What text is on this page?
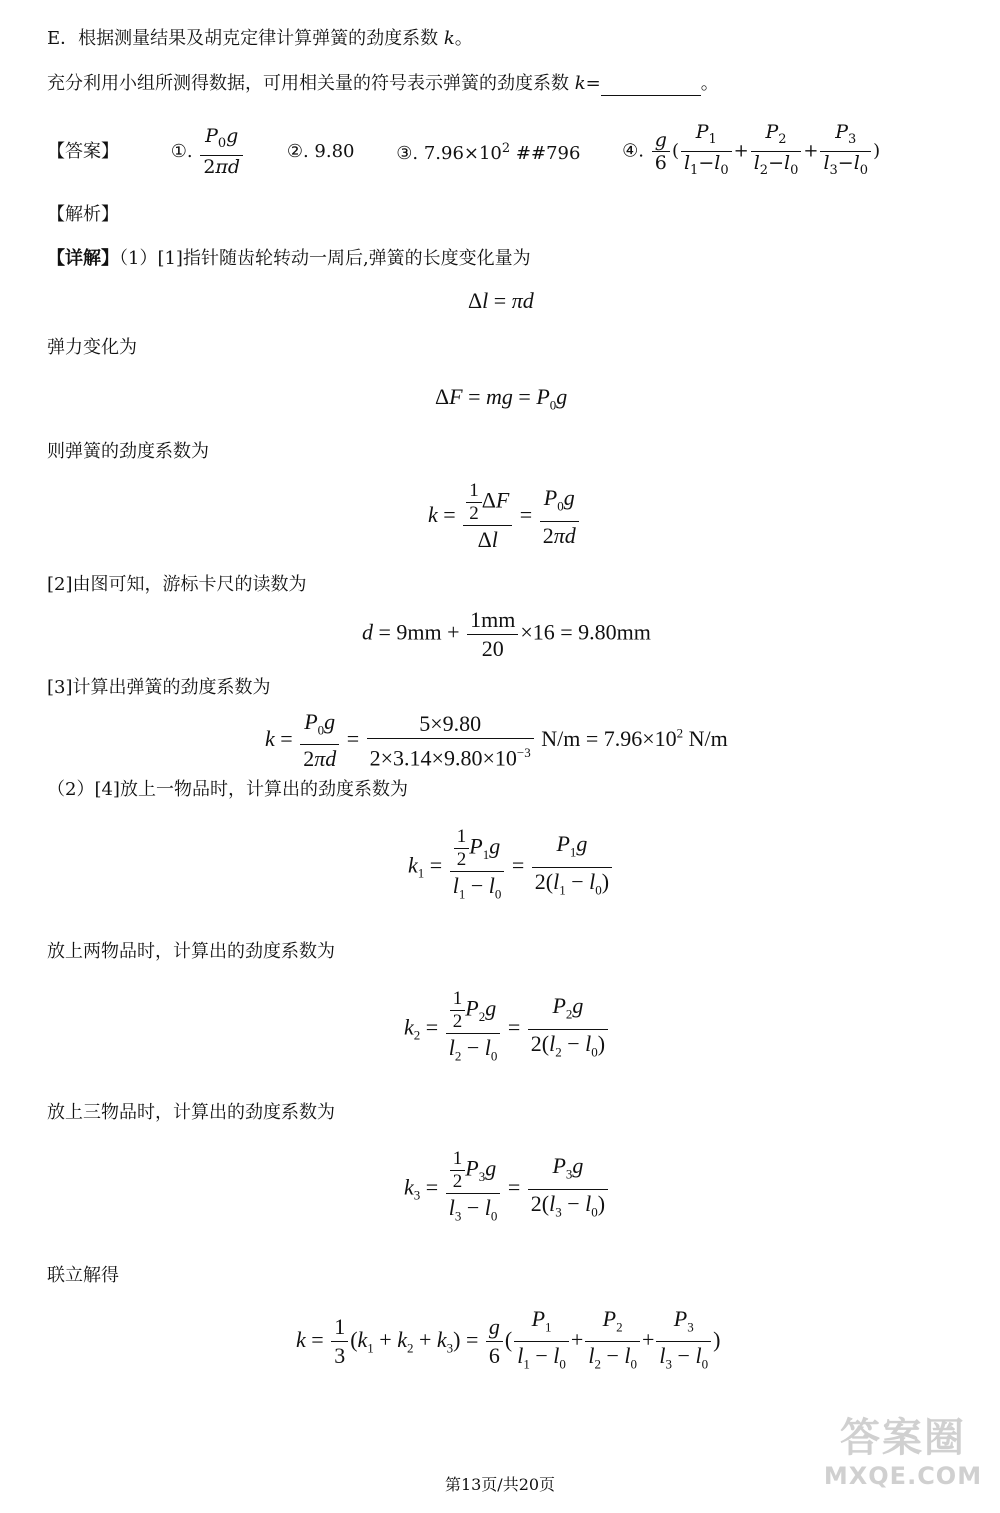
E．根据测量结果及胡克定律计算弹簧的劲度系数 k。
充分利用小组所测得数据，可用相关量的符号表示弹簧的劲度系数 k=	。
【答案】	①. $\frac{P_0g}{2\pi d}$ ②. 9.80 ③. $7.96\times 10^2$ ##796 ④. $\frac{g}{6}$ ( $\frac{P_1}{l_1-l_0} + \frac{P_2}{l_2-l_0} + \frac{P_3}{l_3-l_0}$ )
【解析】
【详解】（1）[1]指针随齿轮转动一周后,弹簧的长度变化量为
Δl = πd
弹力变化为
ΔF = mg = $P_0g$
则弹簧的劲度系数为
$k = \frac{\frac{1}{2} \Delta F}{\Delta l} = \frac{P_0g}{2\pi d}$
[2]由图可知，游标卡尺的读数为
$d = 9mm + \frac{1mm}{20} \times 16 = 9.80mm$
[3]计算出弹簧的劲度系数为
$k = \frac{P_0g}{2\pi d} = \frac{5\times 9.80}{2\times 3.14\times 9.80\times 10^{-3}} N/m = 7.96\times 10^2$ N/m
（2）[4]放上一物品时，计算出的劲度系数为
$k_1 = \frac{\frac{1}{2} P_1g}{l_1 - l_0} = \frac{P_1g}{2(l_1 - l_0)}$
放上两物品时，计算出的劲度系数为
$k_2 = \frac{\frac{1}{2} P_2g}{l_2 - l_0} = \frac{P_2g}{2(l_2 - l_0)}$
放上三物品时，计算出的劲度系数为
$k_3 = \frac{\frac{1}{2} P_3g}{l_3 - l_0} = \frac{P_3g}{2(l_3 - l_0)}$
联立解得
$k = \frac{1}{3} (k_1 + k_2 + k_3) = \frac{g}{6}$ ( $\frac{P_1}{l_1 - l_0} + \frac{P_2}{l_2 - l_0} + \frac{P_3}{l_3 - l_0}$ )
第13页/共20页
答案圈
MXQE.COM
